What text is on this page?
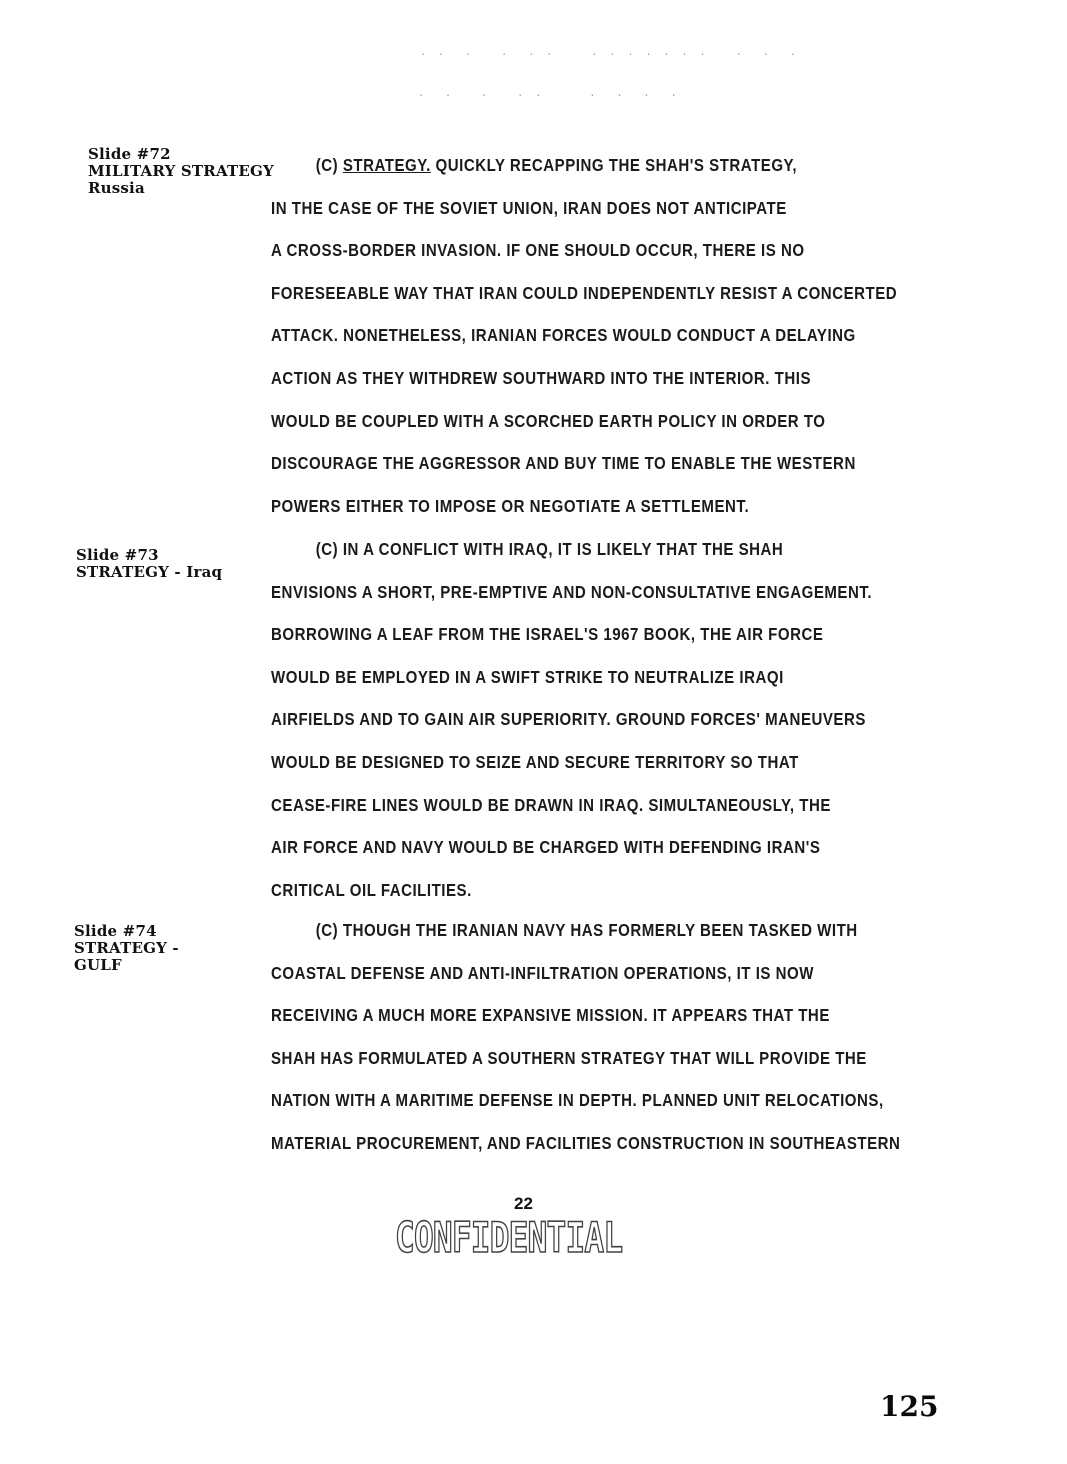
. .  .   .  . .    . . . . . . .   .  .  .
.  .   .   . .     .  .  .  .
Slide #72
MILITARY STRATEGY
Russia
Slide #73
STRATEGY - Iraq
Slide #74
STRATEGY -
GULF
(C) STRATEGY. QUICKLY RECAPPING THE SHAH'S STRATEGY,
IN THE CASE OF THE SOVIET UNION, IRAN DOES NOT ANTICIPATE
A CROSS-BORDER INVASION. IF ONE SHOULD OCCUR, THERE IS NO
FORESEEABLE WAY THAT IRAN COULD INDEPENDENTLY RESIST A CONCERTED
ATTACK. NONETHELESS, IRANIAN FORCES WOULD CONDUCT A DELAYING
ACTION AS THEY WITHDREW SOUTHWARD INTO THE INTERIOR. THIS
WOULD BE COUPLED WITH A SCORCHED EARTH POLICY IN ORDER TO
DISCOURAGE THE AGGRESSOR AND BUY TIME TO ENABLE THE WESTERN
POWERS EITHER TO IMPOSE OR NEGOTIATE A SETTLEMENT.
(C) IN A CONFLICT WITH IRAQ, IT IS LIKELY THAT THE SHAH
ENVISIONS A SHORT, PRE-EMPTIVE AND NON-CONSULTATIVE ENGAGEMENT.
BORROWING A LEAF FROM THE ISRAEL'S 1967 BOOK, THE AIR FORCE
WOULD BE EMPLOYED IN A SWIFT STRIKE TO NEUTRALIZE IRAQI
AIRFIELDS AND TO GAIN AIR SUPERIORITY. GROUND FORCES' MANEUVERS
WOULD BE DESIGNED TO SEIZE AND SECURE TERRITORY SO THAT
CEASE-FIRE LINES WOULD BE DRAWN IN IRAQ. SIMULTANEOUSLY, THE
AIR FORCE AND NAVY WOULD BE CHARGED WITH DEFENDING IRAN'S
CRITICAL OIL FACILITIES.
(C) THOUGH THE IRANIAN NAVY HAS FORMERLY BEEN TASKED WITH
COASTAL DEFENSE AND ANTI-INFILTRATION OPERATIONS, IT IS NOW
RECEIVING A MUCH MORE EXPANSIVE MISSION. IT APPEARS THAT THE
SHAH HAS FORMULATED A SOUTHERN STRATEGY THAT WILL PROVIDE THE
NATION WITH A MARITIME DEFENSE IN DEPTH. PLANNED UNIT RELOCATIONS,
MATERIAL PROCUREMENT, AND FACILITIES CONSTRUCTION IN SOUTHEASTERN
22
CONFIDENTIAL
125
